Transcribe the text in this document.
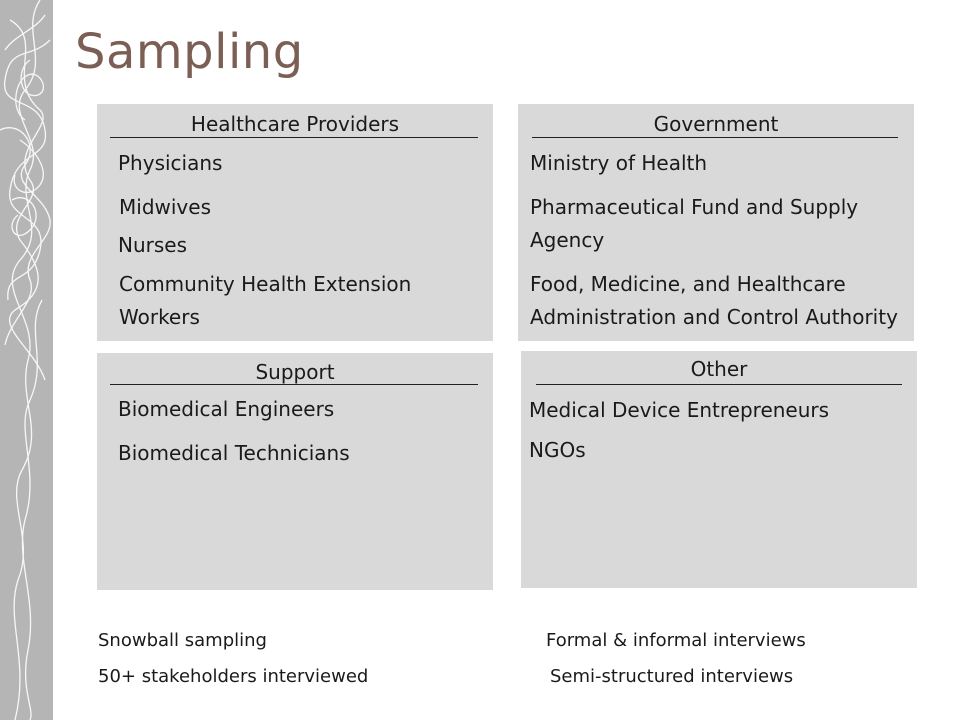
Sampling
Healthcare Providers
Physicians
Midwives
Nurses
Community Health Extension Workers
Government
Ministry of Health
Pharmaceutical Fund and Supply Agency
Food, Medicine, and Healthcare Administration and Control Authority
Support
Biomedical Engineers
Biomedical Technicians
Other
Medical Device Entrepreneurs
NGOs
Snowball sampling
50+ stakeholders interviewed
Formal & informal interviews
Semi-structured interviews
